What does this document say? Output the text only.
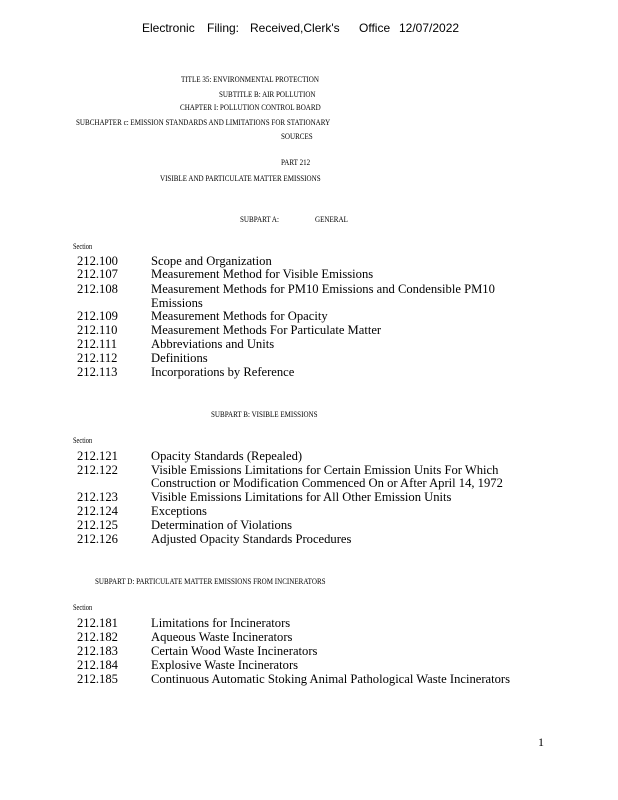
Electronic Filing: Received,Clerk's Office 12/07/2022
TITLE 35: ENVIRONMENTAL PROTECTION
SUBTITLE B: AIR POLLUTION
CHAPTER I: POLLUTION CONTROL BOARD
SUBCHAPTER c: EMISSION STANDARDS AND LIMITATIONS FOR STATIONARY
SOURCES
PART 212
VISIBLE AND PARTICULATE MATTER EMISSIONS
SUBPART A:	GENERAL
Section
212.100	Scope and Organization
212.107	Measurement Method for Visible Emissions
212.108	Measurement Methods for PM10 Emissions and Condensible PM10
Emissions
212.109	Measurement Methods for Opacity
212.110	Measurement Methods For Particulate Matter
212.111	Abbreviations and Units
212.112	Definitions
212.113	Incorporations by Reference
SUBPART B: VISIBLE EMISSIONS
Section
212.121	Opacity Standards (Repealed)
212.122	Visible Emissions Limitations for Certain Emission Units For Which
Construction or Modification Commenced On or After April 14, 1972
212.123	Visible Emissions Limitations for All Other Emission Units
212.124	Exceptions
212.125	Determination of Violations
212.126	Adjusted Opacity Standards Procedures
SUBPART D: PARTICULATE MATTER EMISSIONS FROM INCINERATORS
Section
212.181	Limitations for Incinerators
212.182	Aqueous Waste Incinerators
212.183	Certain Wood Waste Incinerators
212.184	Explosive Waste Incinerators
212.185	Continuous Automatic Stoking Animal Pathological Waste Incinerators
1
